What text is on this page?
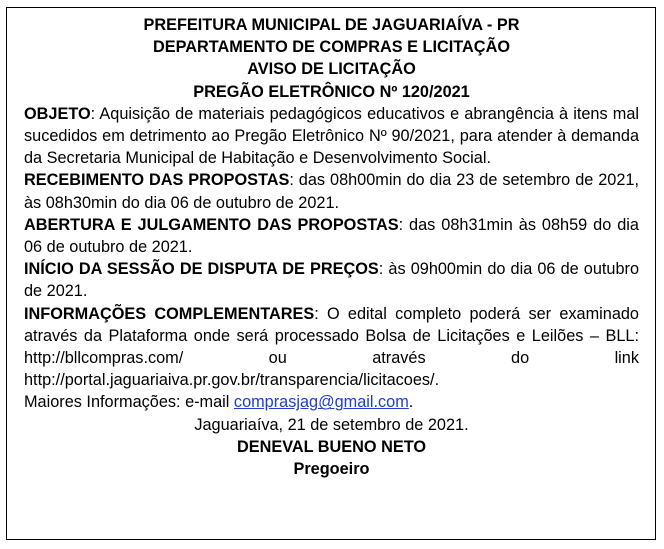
PREFEITURA MUNICIPAL DE JAGUARIAÍVA - PR
DEPARTAMENTO DE COMPRAS E LICITAÇÃO
AVISO DE LICITAÇÃO
PREGÃO ELETRÔNICO Nº 120/2021
OBJETO: Aquisição de materiais pedagógicos educativos e abrangência à itens mal sucedidos em detrimento ao Pregão Eletrônico Nº 90/2021, para atender à demanda da Secretaria Municipal de Habitação e Desenvolvimento Social.
RECEBIMENTO DAS PROPOSTAS: das 08h00min do dia 23 de setembro de 2021, às 08h30min do dia 06 de outubro de 2021.
ABERTURA E JULGAMENTO DAS PROPOSTAS: das 08h31min às 08h59 do dia 06 de outubro de 2021.
INÍCIO DA SESSÃO DE DISPUTA DE PREÇOS: às 09h00min do dia 06 de outubro de 2021.
INFORMAÇÕES COMPLEMENTARES: O edital completo poderá ser examinado através da Plataforma onde será processado Bolsa de Licitações e Leilões – BLL: http://bllcompras.com/ ou através do link http://portal.jaguariaiva.pr.gov.br/transparencia/licitacoes/.
Maiores Informações: e-mail comprasjag@gmail.com.
Jaguariaíva, 21 de setembro de 2021.
DENEVAL BUENO NETO
Pregoeiro
